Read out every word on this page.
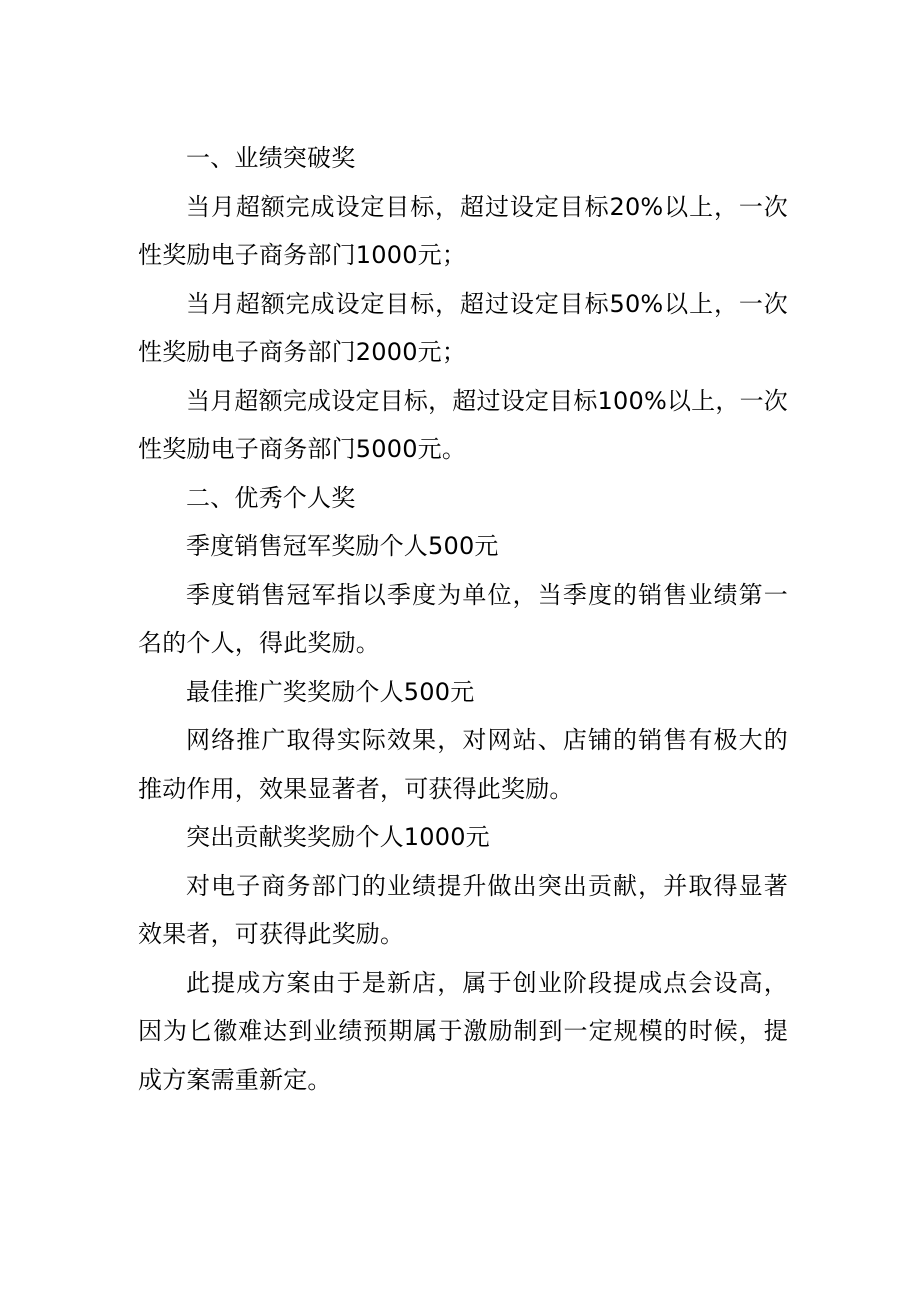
一、业绩突破奖

当月超额完成设定目标，超过设定目标20%以上，一次性奖励电子商务部门1000元；

当月超额完成设定目标，超过设定目标50%以上，一次性奖励电子商务部门2000元；

当月超额完成设定目标，超过设定目标100%以上，一次性奖励电子商务部门5000元。

二、优秀个人奖

季度销售冠军奖励个人500元

季度销售冠军指以季度为单位，当季度的销售业绩第一名的个人，得此奖励。

最佳推广奖奖励个人500元

网络推广取得实际效果，对网站、店铺的销售有极大的推动作用，效果显著者，可获得此奖励。

突出贡献奖奖励个人1000元

对电子商务部门的业绩提升做出突出贡献，并取得显著效果者，可获得此奖励。

此提成方案由于是新店，属于创业阶段提成点会设高，因为匕徽难达到业绩预期属于激励制到一定规模的时候，提成方案需重新定。
